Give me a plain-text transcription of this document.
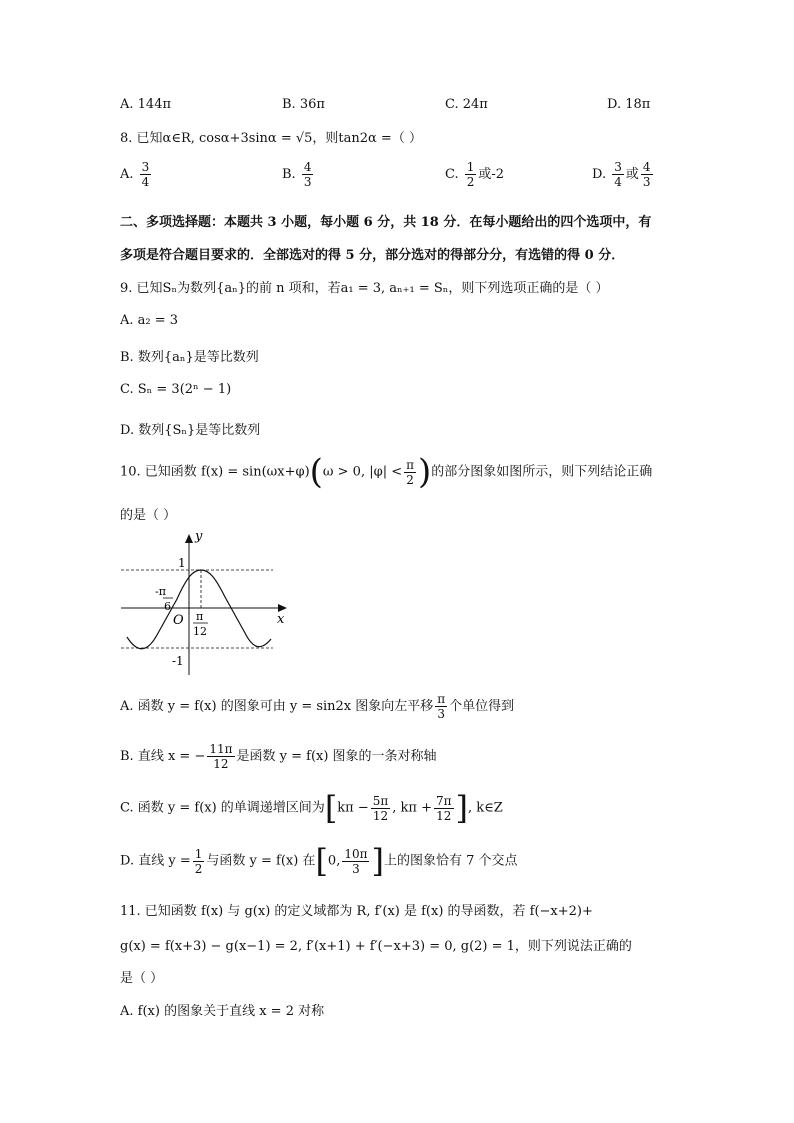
A. 144π	B. 36π	C. 24π	D. 18π
8. 已知α∈R, cosα+3sinα = √5，则tan2α =（ ）
A. $\frac{3}{4}$	B. $\frac{4}{3}$	C. $\frac{1}{2}$ 或-2	D. $\frac{3}{4}$ 或 $\frac{4}{3}$
二、多项选择题：本题共 3 小题，每小题 6 分，共 18 分．在每小题给出的四个选项中，有
多项是符合题目要求的．全部选对的得 5 分，部分选对的得部分分，有选错的得 0 分．
9. 已知Sₙ为数列{aₙ}的前 n 项和，若a₁ = 3, aₙ₊₁ = Sₙ，则下列选项正确的是（ ）
A. a₂ = 3
B. 数列{aₙ}是等比数列
C. Sₙ = 3(2ⁿ − 1)
D. 数列{Sₙ}是等比数列
10. 已知函数 f(x) = sin(ωx+φ)(ω > 0, $|\varphi| < \frac{\pi}{2}$ )的部分图象如图所示，则下列结论正确
的是（ ）
y
x
O
1
-1
-π
6
π
12
A. 函数 y = f(x) 的图象可由 y = sin2x 图象向左平移 $\frac{\pi}{3}$ 个单位得到
B. 直线 x = − $\frac{11\pi}{12}$ 是函数 y = f(x) 图象的一条对称轴
C. 函数 y = f(x) 的单调递增区间为[$k\pi - \frac{5\pi}{12}$ , $k\pi + \frac{7\pi}{12}$ ], k∈Z
D. 直线 $y = \frac{1}{2}$ 与函数 y = f(x) 在[0, $\frac{10\pi}{3}$ ]上的图象恰有 7 个交点
11. 已知函数 f(x) 与 g(x) 的定义域都为 R, f′(x) 是 f(x) 的导函数，若 f(−x+2)+
g(x) = f(x+3) − g(x−1) = 2, f′(x+1) + f′(−x+3) = 0, g(2) = 1，则下列说法正确的
是（ ）
A. f(x) 的图象关于直线 x = 2 对称
